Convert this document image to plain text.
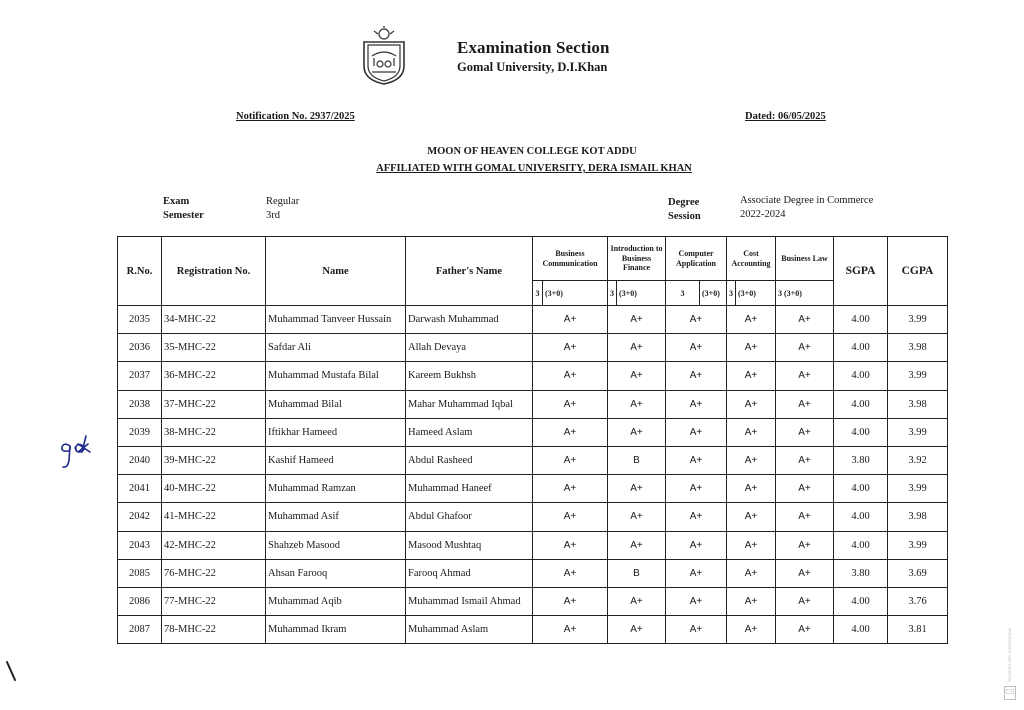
Examination Section
Gomal University, D.I.Khan
Notification No. 2937/2025	Dated: 06/05/2025
MOON OF HEAVEN COLLEGE KOT ADDU
AFFILIATED WITH GOMAL UNIVERSITY, DERA ISMAIL KHAN
Exam	Regular
Semester	3rd
Degree	Associate Degree in Commerce
Session	2022-2024
R.No.	Registration No.	Name	Father's Name	Business Communication		Introduction to Business Finance		Computer Application		Cost Accounting		Business Law	SGPA	CGPA
				3	(3+0)	3	(3+0)	3	(3+0)	3	(3+0)	3 (3+0)		
2035	34-MHC-22	Muhammad Tanveer Hussain	Darwash Muhammad	A+		A+		A+		A+		A+	4.00	3.99
2036	35-MHC-22	Safdar Ali	Allah Devaya	A+		A+		A+		A+		A+	4.00	3.98
2037	36-MHC-22	Muhammad Mustafa Bilal	Kareem Bukhsh	A+		A+		A+		A+		A+	4.00	3.99
2038	37-MHC-22	Muhammad Bilal	Mahar Muhammad Iqbal	A+		A+		A+		A+		A+	4.00	3.98
2039	38-MHC-22	Iftikhar Hameed	Hameed Aslam	A+		A+		A+		A+		A+	4.00	3.99
2040	39-MHC-22	Kashif Hameed	Abdul Rasheed	A+		B		A+		A+		A+	3.80	3.92
2041	40-MHC-22	Muhammad Ramzan	Muhammad Haneef	A+		A+		A+		A+		A+	4.00	3.99
2042	41-MHC-22	Muhammad Asif	Abdul Ghafoor	A+		A+		A+		A+		A+	4.00	3.98
2043	42-MHC-22	Shahzeb Masood	Masood Mushtaq	A+		A+		A+		A+		A+	4.00	3.99
2085	76-MHC-22	Ahsan Farooq	Farooq Ahmad	A+		B		A+		A+		A+	3.80	3.69
2086	77-MHC-22	Muhammad Aqib	Muhammad Ismail Ahmad	A+		A+		A+		A+		A+	4.00	3.76
2087	78-MHC-22	Muhammad Ikram	Muhammad Aslam	A+		A+		A+		A+		A+	4.00	3.81	Scanned with CamScanner
CS
